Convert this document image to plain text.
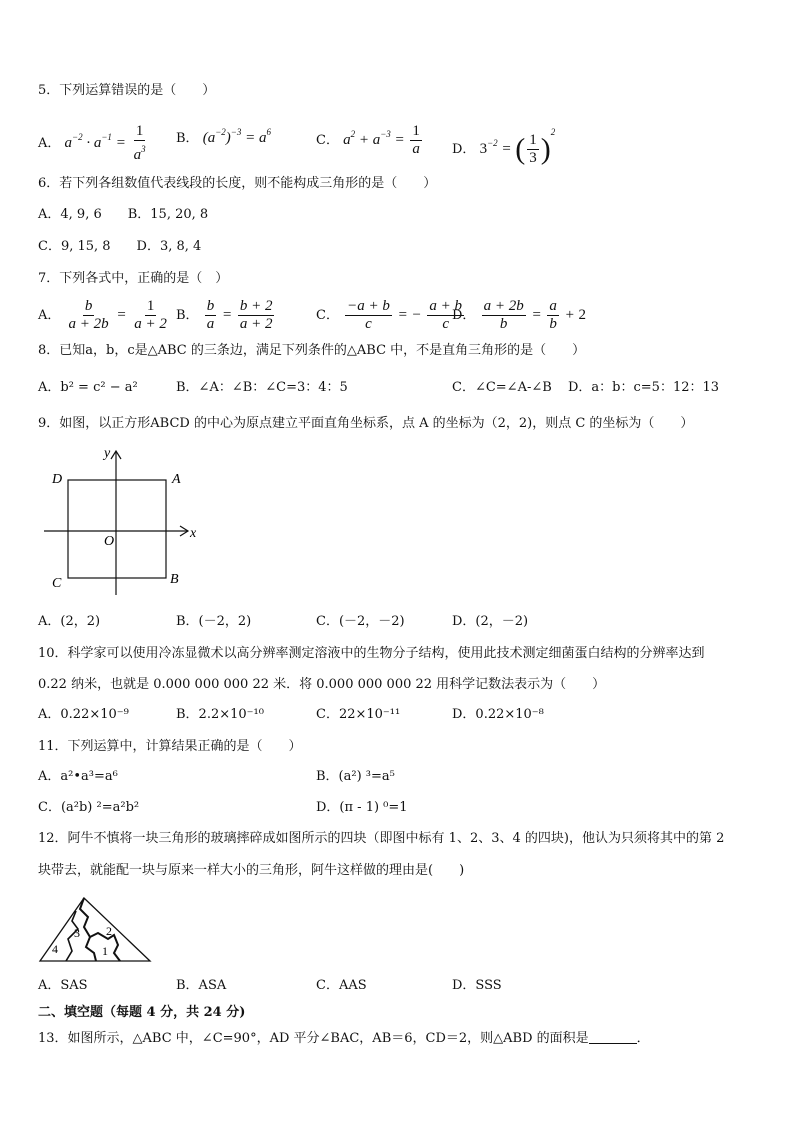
5．下列运算错误的是（　　）
A． $a^{-2} \cdot a^{-1} = \frac{1}{a^3}$ B． $(a^{-2})^{-3} = a^6$
C． $a^2 + a^{-3} = \frac{1}{a}$ D． $3^{-2}$ = ( $\frac{1}{3} )^2$
6．若下列各组数值代表线段的长度，则不能构成三角形的是（　　）
A．4, 9, 6　　B．15, 20, 8
C．9, 15, 8　　D．3, 8, 4
7．下列各式中，正确的是（　）
A． $\frac{b}{a + 2b} = \frac{1}{a + 2}$ B． $\frac{b}{a} = \frac{b + 2}{a + 2}$	C． $\frac{-a + b}{c}$ = − $\frac{a + b}{c}$
D． $\frac{a + 2b}{b} = \frac{a}{b} + 2$
8．已知a，b，c是△ABC 的三条边，满足下列条件的△ABC 中，不是直角三角形的是（　　）
A．b² = c² − a²	B．∠A：∠B：∠C=3：4：5	C．∠C=∠A-∠B D．a：b：c=5：12：13
9．如图，以正方形ABCD 的中心为原点建立平面直角坐标系，点 A 的坐标为（2，2)，则点 C 的坐标为（　　）
D	A
C	B
O
x
y
A．(2，2)	B．(－2，2)	C．(－2，－2)	D．(2，－2)
10．科学家可以使用冷冻显微术以高分辨率测定溶液中的生物分子结构，使用此技术测定细菌蛋白结构的分辨率达到
0.22 纳米，也就是 0.000 000 000 22 米．将 0.000 000 000 22 用科学记数法表示为（　　）
A．0.22×10⁻⁹	B．2.2×10⁻¹⁰	C．22×10⁻¹¹	D．0.22×10⁻⁸
11．下列运算中，计算结果正确的是（　　）
A．a²•a³=a⁶	B．(a²) ³=a⁵
C．(a²b) ²=a²b²	D．(π - 1) ⁰=1
12．阿牛不慎将一块三角形的玻璃摔碎成如图所示的四块（即图中标有 1、2、3、4 的四块)，他认为只须将其中的第 2
块带去，就能配一块与原来一样大小的三角形，阿牛这样做的理由是(　　)
1
2
3
4
A．SAS	B．ASA	C．AAS	D．SSS
二、填空题（每题 4 分，共 24 分)
13．如图所示，△ABC 中，∠C=90°，AD 平分∠BAC，AB＝6，CD＝2，则△ABD 的面积是	．
